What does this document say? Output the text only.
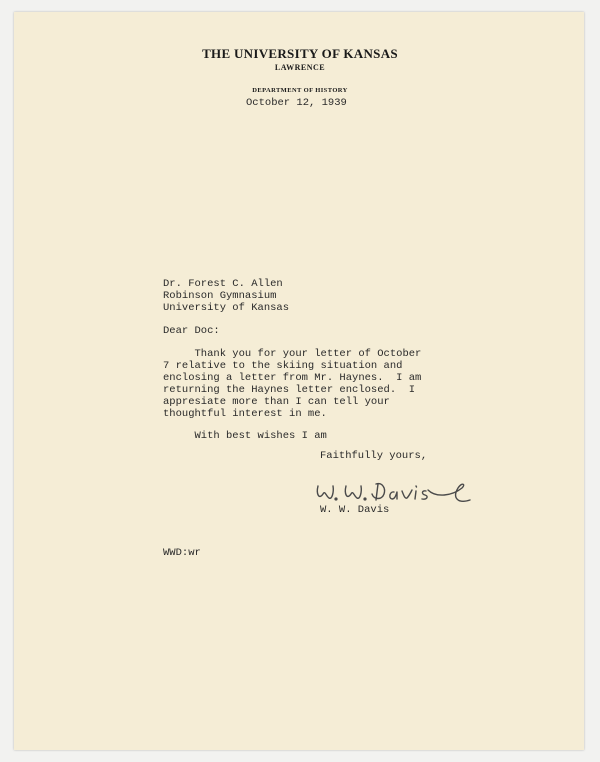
THE UNIVERSITY OF KANSAS
LAWRENCE
DEPARTMENT OF HISTORY
October 12, 1939
Dr. Forest C. Allen
Robinson Gymnasium
University of Kansas
Dear Doc:
Thank you for your letter of October
7 relative to the skiing situation and
enclosing a letter from Mr. Haynes.  I am
returning the Haynes letter enclosed.  I
appresiate more than I can tell your
thoughtful interest in me.
With best wishes I am
Faithfully yours,
W. W. Davis
WWD:wr
